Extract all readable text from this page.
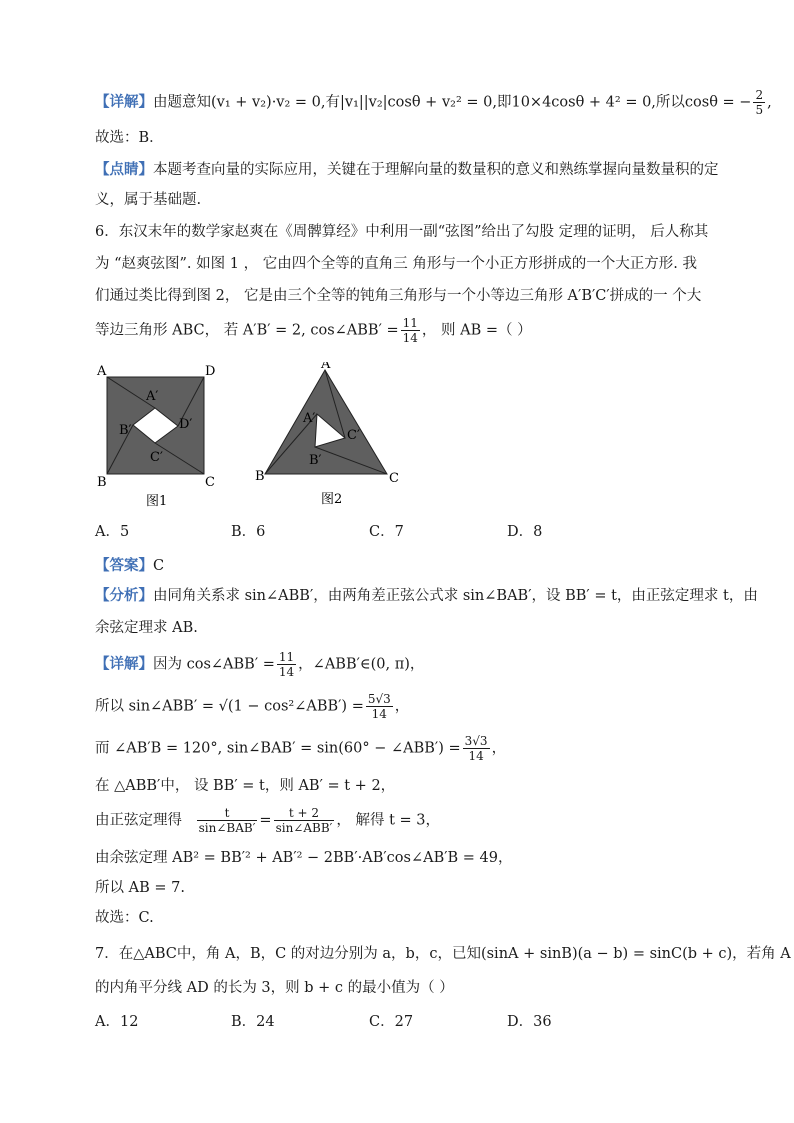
【详解】由题意知(v₁ + v₂)·v₂ = 0,有|v₁||v₂|cosθ + v₂² = 0,即10×4cosθ + 4² = 0,所以cosθ = − $\frac{2}{5}$ ,
故选：B．
【点睛】本题考查向量的实际应用，关键在于理解向量的数量积的意义和熟练掌握向量数量积的定
义，属于基础题.
6．东汉末年的数学家赵爽在《周髀算经》中利用一副“弦图”给出了勾股 定理的证明， 后人称其
为 “赵爽弦图”. 如图 1 ， 它由四个全等的直角三 角形与一个小正方形拼成的一个大正方形. 我
们通过类比得到图 2， 它是由三个全等的钝角三角形与一个小等边三角形 A′B′C′拼成的一 个大
等边三角形 ABC， 若 A′B′ = 2, cos∠ABB′ = $\frac{11}{14}$ ， 则 AB =（ ）
A	D
B	C
A′
D′
B′
C′
图1
A
B	C
A′
C′
B′
图2
A．5	B．6	C．7	D．8
【答案】C
【分析】由同角关系求 sin∠ABB′，由两角差正弦公式求 sin∠BAB′，设 BB′ = t，由正弦定理求 t，由
余弦定理求 AB.
【详解】因为 cos∠ABB′ = $\frac{11}{14}$ ，∠ABB′∈(0, π)，
所以 sin∠ABB′ = √(1 − cos²∠ABB′) = $\frac{5√3}{14}$ ，
而 ∠AB′B = 120°, sin∠BAB′ = sin(60° − ∠ABB′) = $\frac{3√3}{14}$ ，
在 △ABB′中， 设 BB′ = t，则 AB′ = t + 2，
由正弦定理得 $\frac{t}{\text{sin∠BAB′}} = \frac{t + 2}{\text{sin∠ABB′}}$ ， 解得 t = 3，
由余弦定理 AB² = BB′² + AB′² − 2BB′·AB′cos∠AB′B = 49，
所以 AB = 7.
故选：C.
7．在△ABC中，角 A，B，C 的对边分别为 a，b，c，已知(sinA + sinB)(a − b) = sinC(b + c)，若角 A
的内角平分线 AD 的长为 3，则 b + c 的最小值为（ ）
A．12	B．24	C．27	D．36
